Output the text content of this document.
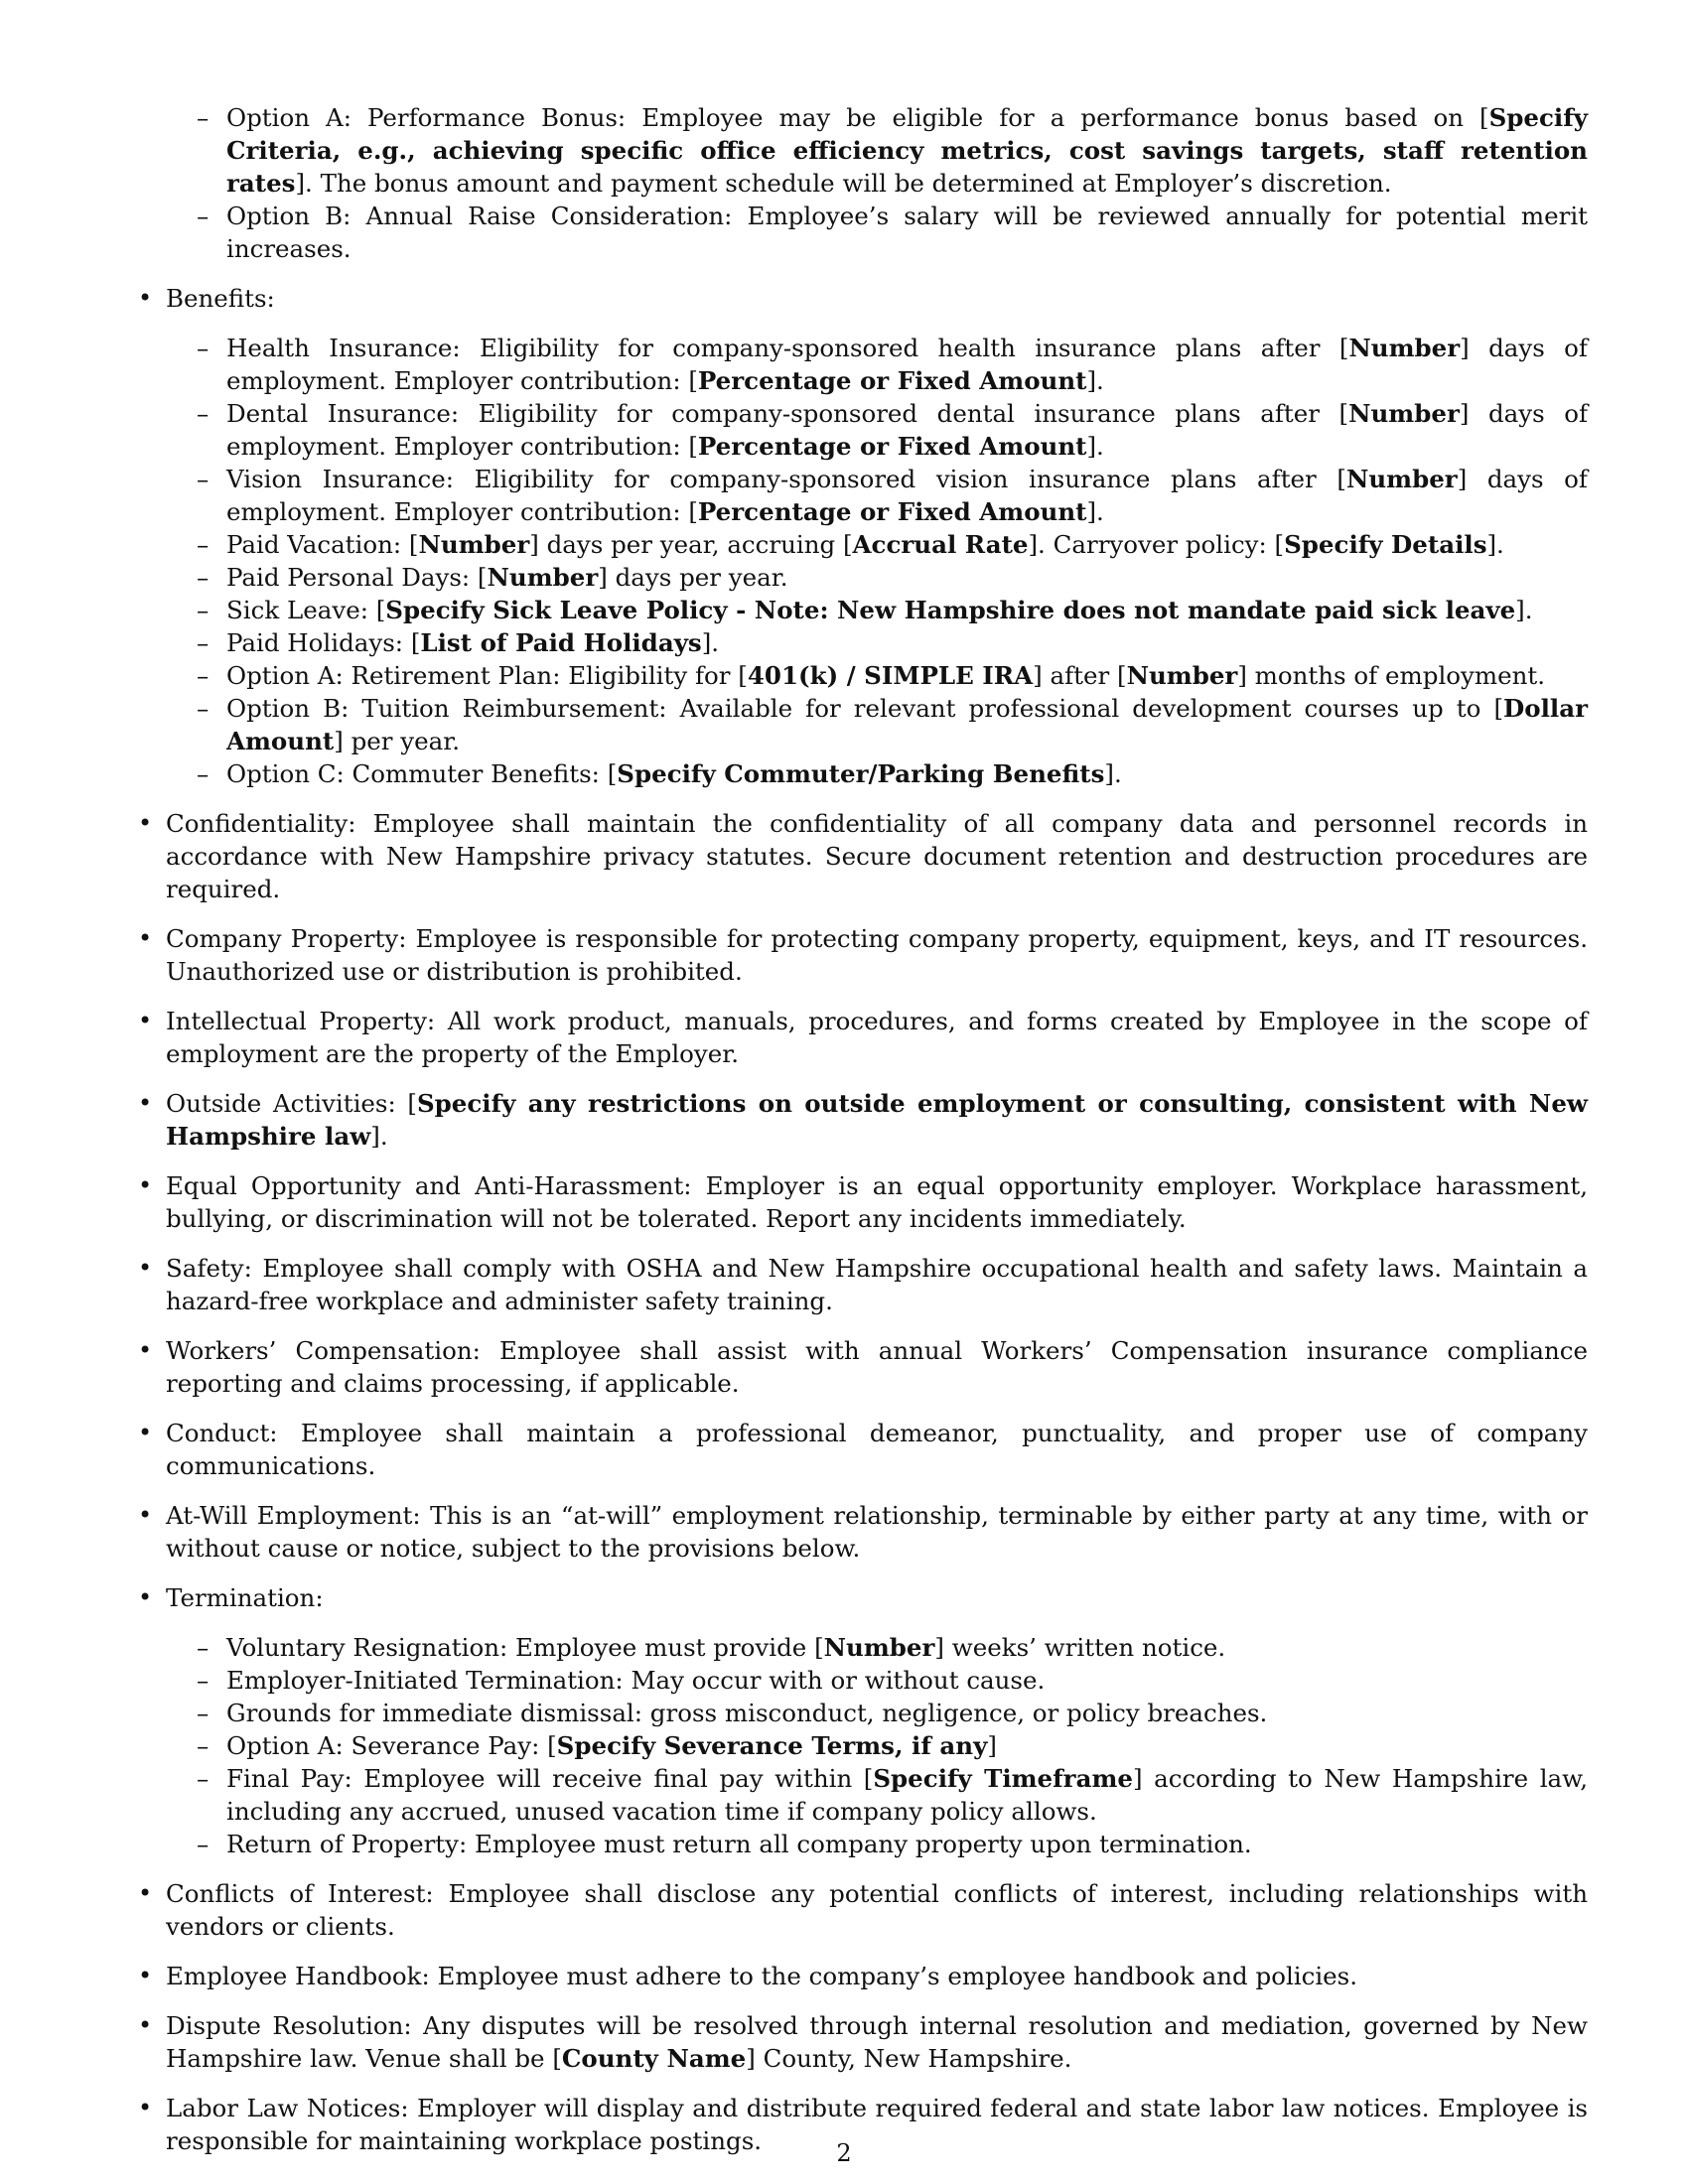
– Option A: Performance Bonus: Employee may be eligible for a performance bonus based on [Specify Criteria, e.g., achieving specific office efficiency metrics, cost savings targets, staff retention rates]. The bonus amount and payment schedule will be determined at Employer’s discretion.
– Option B: Annual Raise Consideration: Employee’s salary will be reviewed annually for potential merit increases.
• Benefits:
– Health Insurance: Eligibility for company-sponsored health insurance plans after [Number] days of employment. Employer contribution: [Percentage or Fixed Amount].
– Dental Insurance: Eligibility for company-sponsored dental insurance plans after [Number] days of employment. Employer contribution: [Percentage or Fixed Amount].
– Vision Insurance: Eligibility for company-sponsored vision insurance plans after [Number] days of employment. Employer contribution: [Percentage or Fixed Amount].
– Paid Vacation: [Number] days per year, accruing [Accrual Rate]. Carryover policy: [Specify Details].
– Paid Personal Days: [Number] days per year.
– Sick Leave: [Specify Sick Leave Policy - Note: New Hampshire does not mandate paid sick leave].
– Paid Holidays: [List of Paid Holidays].
– Option A: Retirement Plan: Eligibility for [401(k) / SIMPLE IRA] after [Number] months of employment.
– Option B: Tuition Reimbursement: Available for relevant professional development courses up to [Dollar Amount] per year.
– Option C: Commuter Benefits: [Specify Commuter/Parking Benefits].
• Confidentiality: Employee shall maintain the confidentiality of all company data and personnel records in accordance with New Hampshire privacy statutes. Secure document retention and destruction procedures are required.
• Company Property: Employee is responsible for protecting company property, equipment, keys, and IT resources. Unauthorized use or distribution is prohibited.
• Intellectual Property: All work product, manuals, procedures, and forms created by Employee in the scope of employment are the property of the Employer.
• Outside Activities: [Specify any restrictions on outside employment or consulting, consistent with New Hampshire law].
• Equal Opportunity and Anti-Harassment: Employer is an equal opportunity employer. Workplace harassment, bullying, or discrimination will not be tolerated. Report any incidents immediately.
• Safety: Employee shall comply with OSHA and New Hampshire occupational health and safety laws. Maintain a hazard-free workplace and administer safety training.
• Workers’ Compensation: Employee shall assist with annual Workers’ Compensation insurance compliance reporting and claims processing, if applicable.
• Conduct: Employee shall maintain a professional demeanor, punctuality, and proper use of company communications.
• At-Will Employment: This is an “at-will” employment relationship, terminable by either party at any time, with or without cause or notice, subject to the provisions below.
• Termination:
– Voluntary Resignation: Employee must provide [Number] weeks’ written notice.
– Employer-Initiated Termination: May occur with or without cause.
– Grounds for immediate dismissal: gross misconduct, negligence, or policy breaches.
– Option A: Severance Pay: [Specify Severance Terms, if any]
– Final Pay: Employee will receive final pay within [Specify Timeframe] according to New Hampshire law, including any accrued, unused vacation time if company policy allows.
– Return of Property: Employee must return all company property upon termination.
• Conflicts of Interest: Employee shall disclose any potential conflicts of interest, including relationships with vendors or clients.
• Employee Handbook: Employee must adhere to the company’s employee handbook and policies.
• Dispute Resolution: Any disputes will be resolved through internal resolution and mediation, governed by New Hampshire law. Venue shall be [County Name] County, New Hampshire.
• Labor Law Notices: Employer will display and distribute required federal and state labor law notices. Employee is responsible for maintaining workplace postings.	2
